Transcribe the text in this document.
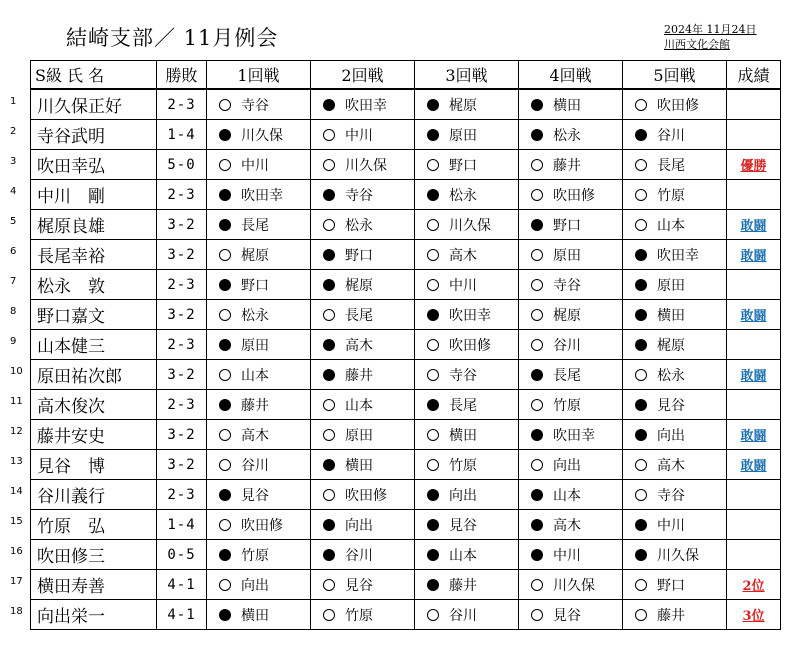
結崎支部／ 11月例会	2024年 11月24日
川西文化会館
1
2
3
4
5
6
7
8
9
10
11
12
13
14
15
16
17
18
S級 氏 名	勝敗	1回戦	2回戦	3回戦	4回戦	5回戦	成績
川久保正好	2-3	寺谷	吹田幸	梶原	横田	吹田修	
寺谷武明	1-4	川久保	中川	原田	松永	谷川	
吹田幸弘	5-0	中川	川久保	野口	藤井	長尾	優勝
中川　剛	2-3	吹田幸	寺谷	松永	吹田修	竹原	
梶原良雄	3-2	長尾	松永	川久保	野口	山本	敢闘
長尾幸裕	3-2	梶原	野口	高木	原田	吹田幸	敢闘
松永　敦	2-3	野口	梶原	中川	寺谷	原田	
野口嘉文	3-2	松永	長尾	吹田幸	梶原	横田	敢闘
山本健三	2-3	原田	高木	吹田修	谷川	梶原	
原田祐次郎	3-2	山本	藤井	寺谷	長尾	松永	敢闘
高木俊次	2-3	藤井	山本	長尾	竹原	見谷	
藤井安史	3-2	高木	原田	横田	吹田幸	向出	敢闘
見谷　博	3-2	谷川	横田	竹原	向出	高木	敢闘
谷川義行	2-3	見谷	吹田修	向出	山本	寺谷	
竹原　弘	1-4	吹田修	向出	見谷	高木	中川	
吹田修三	0-5	竹原	谷川	山本	中川	川久保	
横田寿善	4-1	向出	見谷	藤井	川久保	野口	2位
向出栄一	4-1	横田	竹原	谷川	見谷	藤井	3位
